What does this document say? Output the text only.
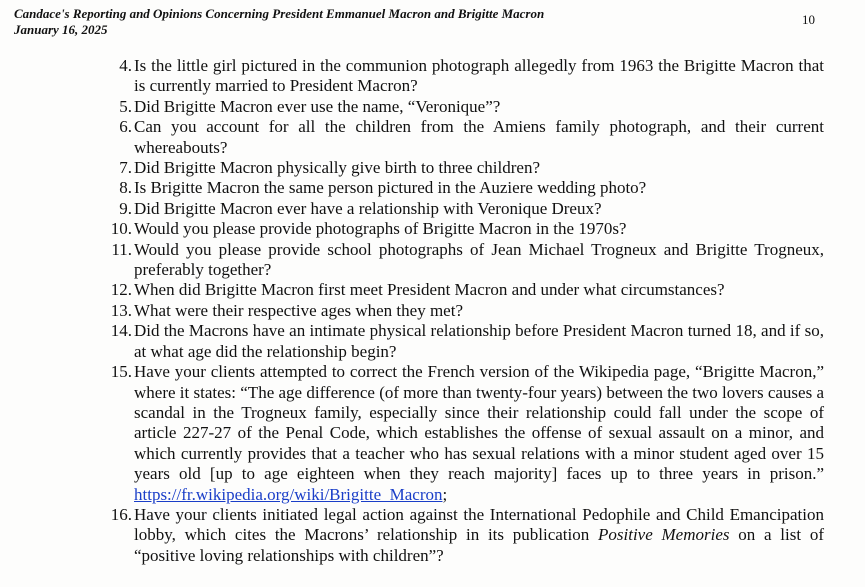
Candace's Reporting and Opinions Concerning President Emmanuel Macron and Brigitte Macron
January 16, 2025
10
4. Is the little girl pictured in the communion photograph allegedly from 1963 the Brigitte Macron that is currently married to President Macron?
5. Did Brigitte Macron ever use the name, “Veronique”?
6. Can you account for all the children from the Amiens family photograph, and their current whereabouts?
7. Did Brigitte Macron physically give birth to three children?
8. Is Brigitte Macron the same person pictured in the Auziere wedding photo?
9. Did Brigitte Macron ever have a relationship with Veronique Dreux?
10. Would you please provide photographs of Brigitte Macron in the 1970s?
11. Would you please provide school photographs of Jean Michael Trogneux and Brigitte Trogneux, preferably together?
12. When did Brigitte Macron first meet President Macron and under what circumstances?
13. What were their respective ages when they met?
14. Did the Macrons have an intimate physical relationship before President Macron turned 18, and if so, at what age did the relationship begin?
15. Have your clients attempted to correct the French version of the Wikipedia page, “Brigitte Macron,” where it states: “The age difference (of more than twenty-four years) between the two lovers causes a scandal in the Trogneux family, especially since their relationship could fall under the scope of article 227-27 of the Penal Code, which establishes the offense of sexual assault on a minor, and which currently provides that a teacher who has sexual relations with a minor student aged over 15 years old [up to age eighteen when they reach majority] faces up to three years in prison.” https://fr.wikipedia.org/wiki/Brigitte_Macron;
16. Have your clients initiated legal action against the International Pedophile and Child Emancipation lobby, which cites the Macrons’ relationship in its publication Positive Memories on a list of “positive loving relationships with children”?
